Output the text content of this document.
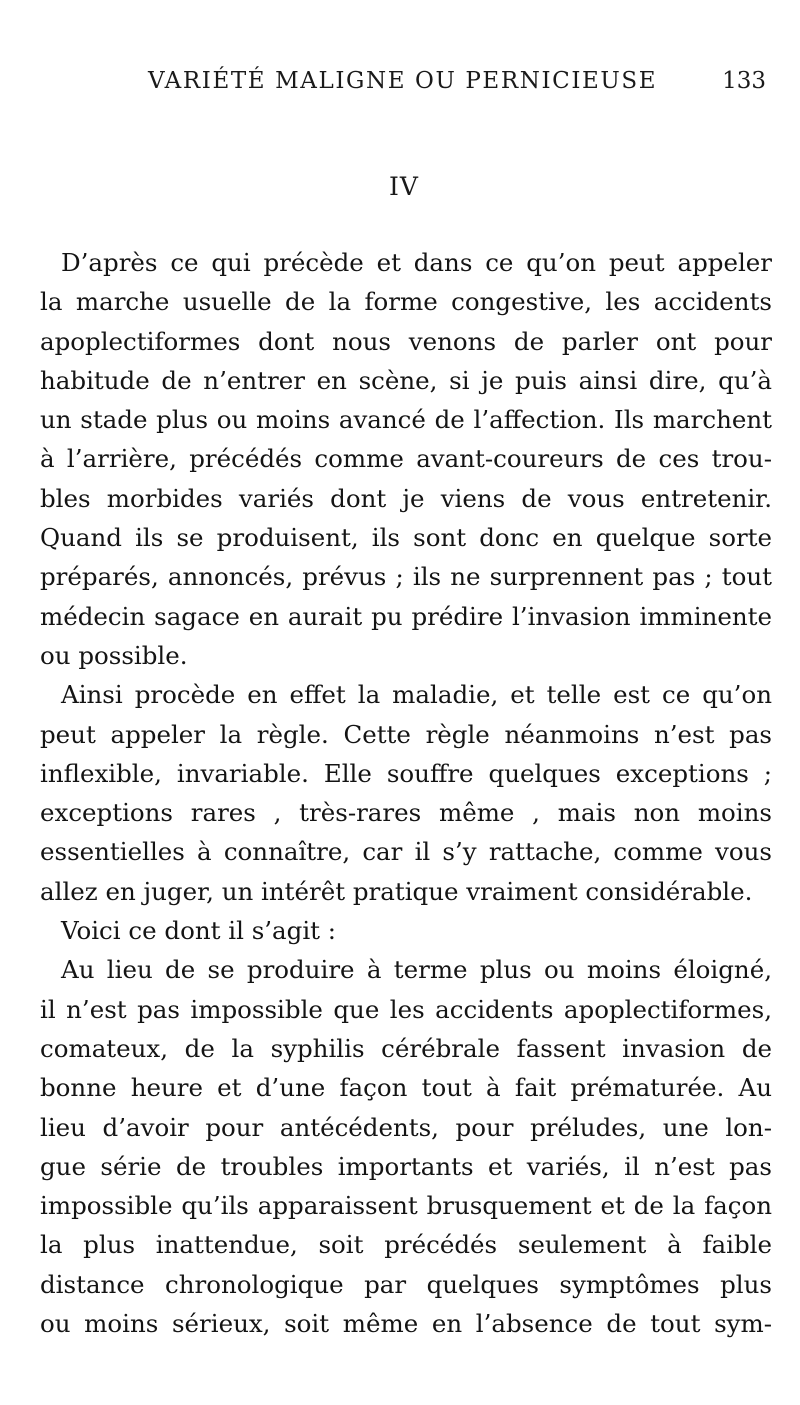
VARIÉTÉ MALIGNE OU PERNICIEUSE	133
IV
D’après ce qui précède et dans ce qu’on peut appeler
la marche usuelle de la forme congestive, les accidents
apoplectiformes dont nous venons de parler ont pour
habitude de n’entrer en scène, si je puis ainsi dire, qu’à
un stade plus ou moins avancé de l’affection. Ils marchent
à l’arrière, précédés comme avant-coureurs de ces trou-
bles morbides variés dont je viens de vous entretenir.
Quand ils se produisent, ils sont donc en quelque sorte
préparés, annoncés, prévus ; ils ne surprennent pas ; tout
médecin sagace en aurait pu prédire l’invasion imminente
ou possible.
Ainsi procède en effet la maladie, et telle est ce qu’on
peut appeler la règle. Cette règle néanmoins n’est pas
inflexible, invariable. Elle souffre quelques exceptions ;
exceptions rares , très-rares même , mais non moins
essentielles à connaître, car il s’y rattache, comme vous
allez en juger, un intérêt pratique vraiment considérable.
Voici ce dont il s’agit :
Au lieu de se produire à terme plus ou moins éloigné,
il n’est pas impossible que les accidents apoplectiformes,
comateux, de la syphilis cérébrale fassent invasion de
bonne heure et d’une façon tout à fait prématurée. Au
lieu d’avoir pour antécédents, pour préludes, une lon-
gue série de troubles importants et variés, il n’est pas
impossible qu’ils apparaissent brusquement et de la façon
la plus inattendue, soit précédés seulement à faible
distance chronologique par quelques symptômes plus
ou moins sérieux, soit même en l’absence de tout sym-
